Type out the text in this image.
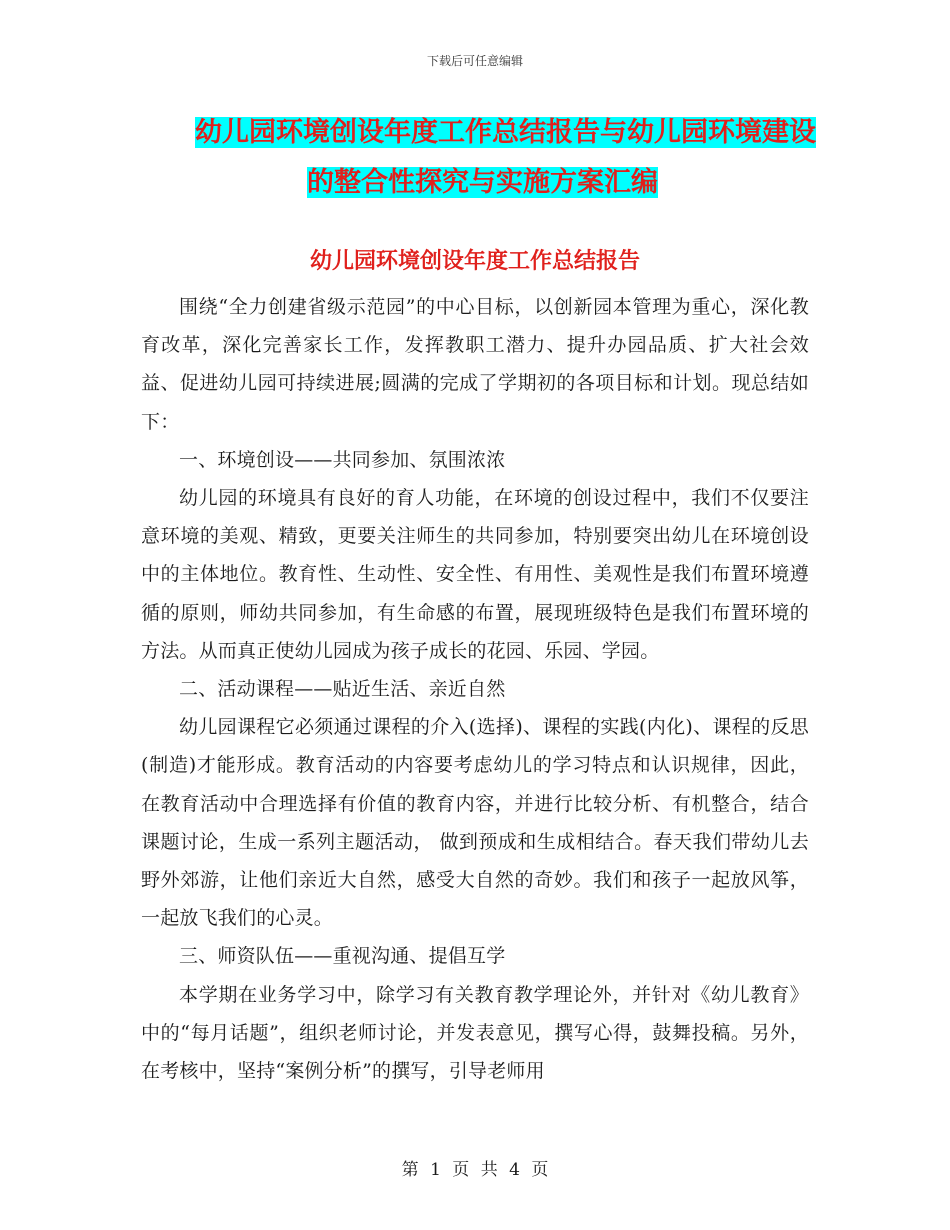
下载后可任意编辑
幼儿园环境创设年度工作总结报告与幼儿园环境建设
的整合性探究与实施方案汇编
幼儿园环境创设年度工作总结报告

围绕“全力创建省级示范园”的中心目标，以创新园本管理为重心，深化教育改革，深化完善家长工作，发挥教职工潜力、提升办园品质、扩大社会效益、促进幼儿园可持续进展;圆满的完成了学期初的各项目标和计划。现总结如下：

一、环境创设——共同参加、氛围浓浓

幼儿园的环境具有良好的育人功能，在环境的创设过程中，我们不仅要注意环境的美观、精致，更要关注师生的共同参加，特别要突出幼儿在环境创设中的主体地位。教育性、生动性、安全性、有用性、美观性是我们布置环境遵循的原则，师幼共同参加，有生命感的布置，展现班级特色是我们布置环境的方法。从而真正使幼儿园成为孩子成长的花园、乐园、学园。

二、活动课程——贴近生活、亲近自然

幼儿园课程它必须通过课程的介入(选择)、课程的实践(内化)、课程的反思(制造)才能形成。教育活动的内容要考虑幼儿的学习特点和认识规律，因此，在教育活动中合理选择有价值的教育内容，并进行比较分析、有机整合，结合课题讨论，生成一系列主题活动， 做到预成和生成相结合。春天我们带幼儿去野外郊游，让他们亲近大自然，感受大自然的奇妙。我们和孩子一起放风筝，一起放飞我们的心灵。

三、师资队伍——重视沟通、提倡互学

本学期在业务学习中，除学习有关教育教学理论外，并针对《幼儿教育》中的“每月话题”，组织老师讨论，并发表意见，撰写心得，鼓舞投稿。另外，在考核中，坚持“案例分析”的撰写，引导老师用

第 1 页 共 4 页
